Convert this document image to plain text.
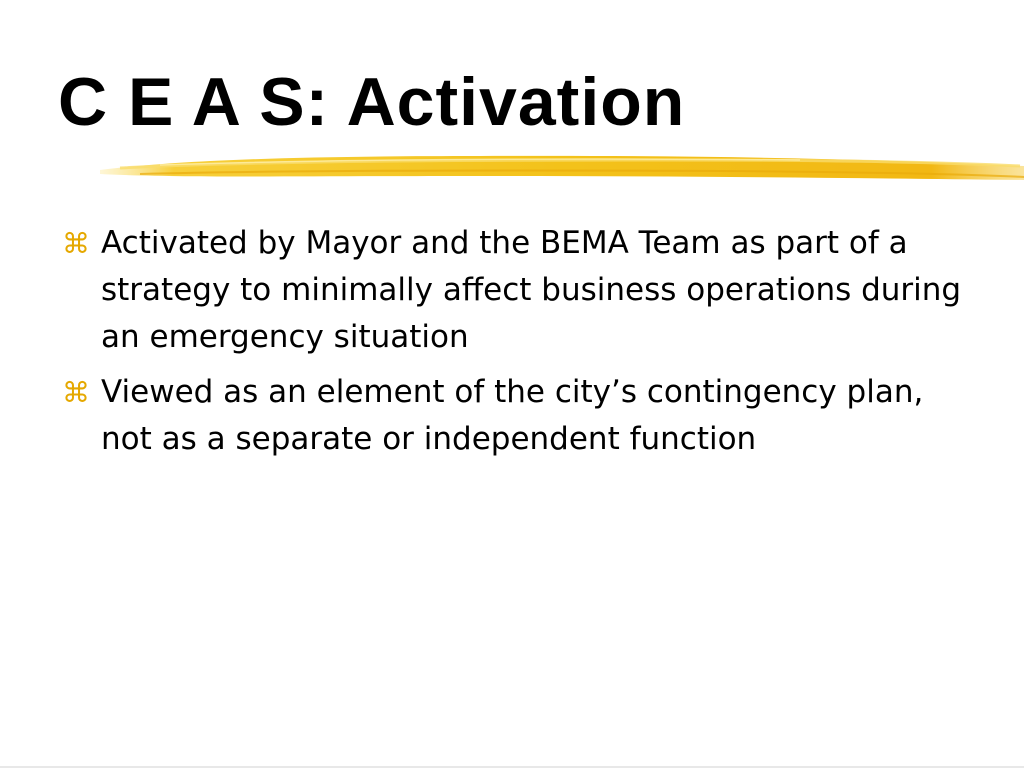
C E A S: Activation
⌘ Activated by Mayor and the BEMA Team as part of a strategy to minimally affect business operations during an emergency situation
⌘ Viewed as an element of the city’s contingency plan, not as a separate or independent function
